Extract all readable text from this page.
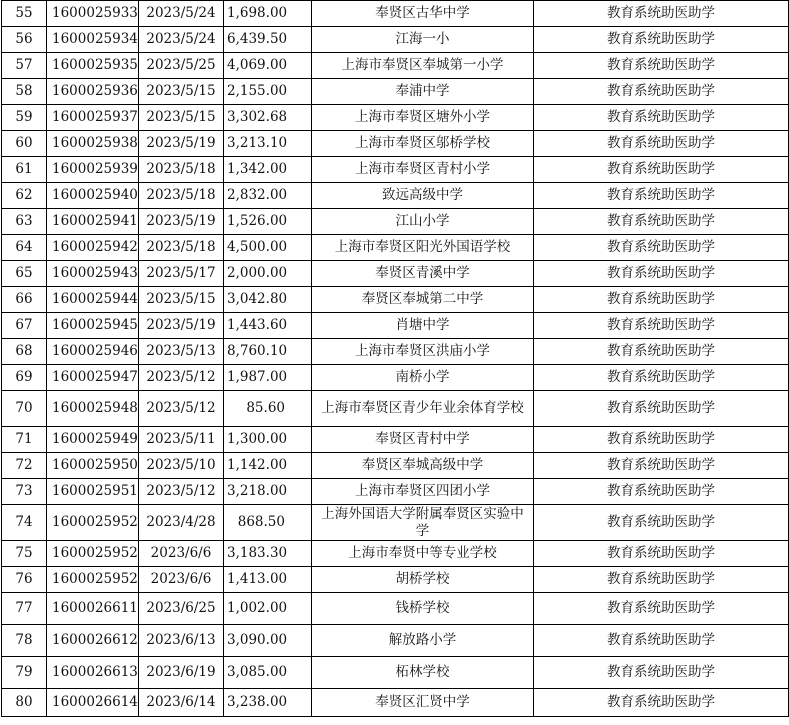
55	1600025933	2023/5/24	1,698.00	奉贤区古华中学	教育系统助医助学
56	1600025934	2023/5/24	6,439.50	江海一小	教育系统助医助学
57	1600025935	2023/5/25	4,069.00	上海市奉贤区奉城第一小学	教育系统助医助学
58	1600025936	2023/5/15	2,155.00	奉浦中学	教育系统助医助学
59	1600025937	2023/5/15	3,302.68	上海市奉贤区塘外小学	教育系统助医助学
60	1600025938	2023/5/19	3,213.10	上海市奉贤区邬桥学校	教育系统助医助学
61	1600025939	2023/5/18	1,342.00	上海市奉贤区青村小学	教育系统助医助学
62	1600025940	2023/5/18	2,832.00	致远高级中学	教育系统助医助学
63	1600025941	2023/5/19	1,526.00	江山小学	教育系统助医助学
64	1600025942	2023/5/18	4,500.00	上海市奉贤区阳光外国语学校	教育系统助医助学
65	1600025943	2023/5/17	2,000.00	奉贤区青溪中学	教育系统助医助学
66	1600025944	2023/5/15	3,042.80	奉贤区奉城第二中学	教育系统助医助学
67	1600025945	2023/5/19	1,443.60	肖塘中学	教育系统助医助学
68	1600025946	2023/5/13	8,760.10	上海市奉贤区洪庙小学	教育系统助医助学
69	1600025947	2023/5/12	1,987.00	南桥小学	教育系统助医助学
70	1600025948	2023/5/12	85.60	上海市奉贤区青少年业余体育学校	教育系统助医助学
71	1600025949	2023/5/11	1,300.00	奉贤区青村中学	教育系统助医助学
72	1600025950	2023/5/10	1,142.00	奉贤区奉城高级中学	教育系统助医助学
73	1600025951	2023/5/12	3,218.00	上海市奉贤区四团小学	教育系统助医助学
74	1600025952	2023/4/28	868.50	上海外国语大学附属奉贤区实验中学	教育系统助医助学
75	1600025952	2023/6/6	3,183.30	上海市奉贤中等专业学校	教育系统助医助学
76	1600025952	2023/6/6	1,413.00	胡桥学校	教育系统助医助学
77	1600026611	2023/6/25	1,002.00	钱桥学校	教育系统助医助学
78	1600026612	2023/6/13	3,090.00	解放路小学	教育系统助医助学
79	1600026613	2023/6/19	3,085.00	柘林学校	教育系统助医助学
80	1600026614	2023/6/14	3,238.00	奉贤区汇贤中学	教育系统助医助学
